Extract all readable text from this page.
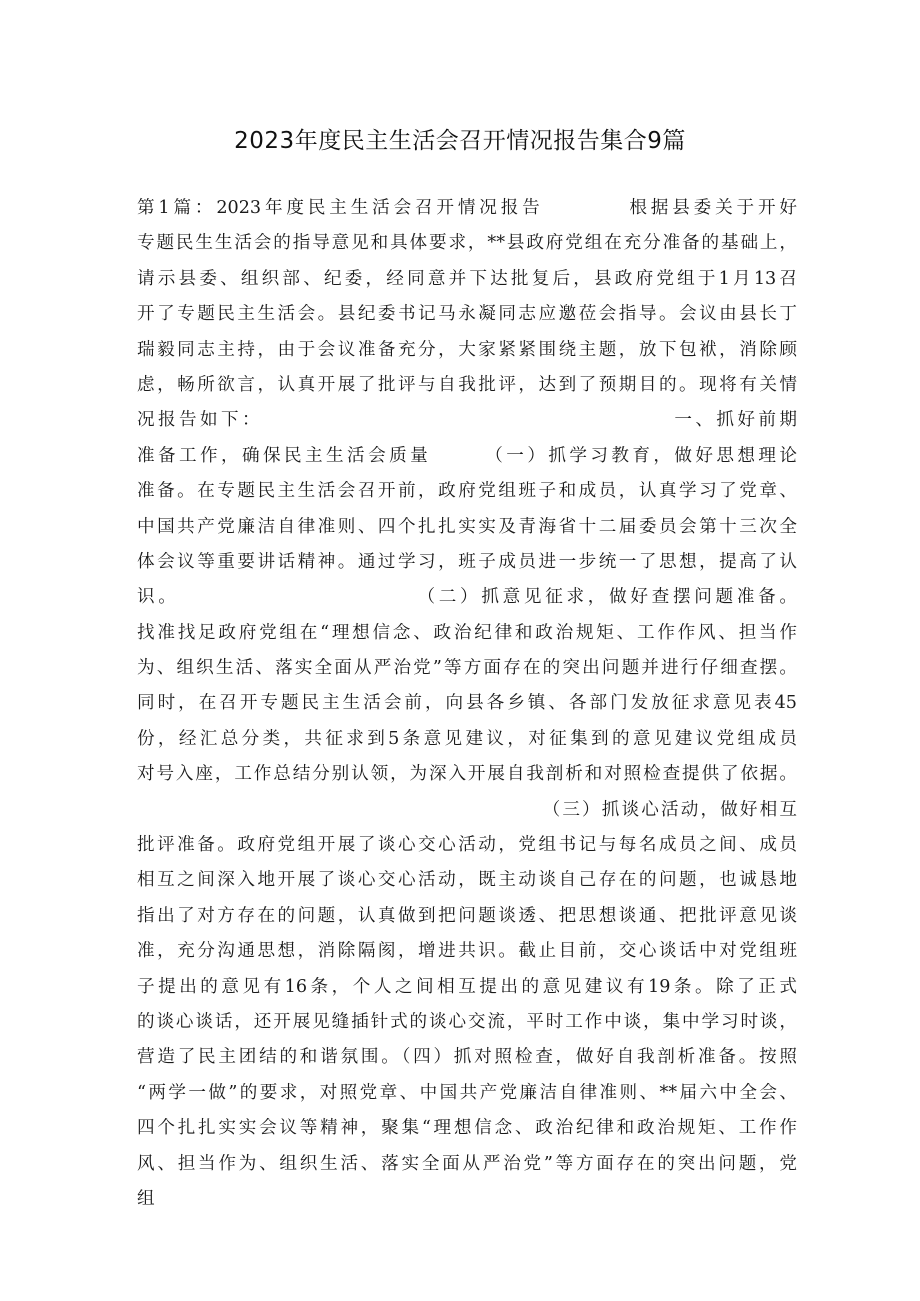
2023年度民主生活会召开情况报告集合9篇
第1篇：2023年度民主生活会召开情况报告　　　　根据县委关于开好
专题民生生活会的指导意见和具体要求，**县政府党组在充分准备的基础上，
请示县委、组织部、纪委，经同意并下达批复后，县政府党组于1月13召
开了专题民主生活会。县纪委书记马永凝同志应邀莅会指导。会议由县长丁
瑞毅同志主持，由于会议准备充分，大家紧紧围绕主题，放下包袱，消除顾
虑，畅所欲言，认真开展了批评与自我批评，达到了预期目的。现将有关情
况报告如下：　　　　　　　　　　　　　　　　　　　　一、抓好前期
准备工作，确保民主生活会质量　　　（一）抓学习教育，做好思想理论
准备。在专题民主生活会召开前，政府党组班子和成员，认真学习了党章、
中国共产党廉洁自律准则、四个扎扎实实及青海省十二届委员会第十三次全
体会议等重要讲话精神。通过学习，班子成员进一步统一了思想，提高了认
识。　　　　　　　　　　　　（二）抓意见征求，做好查摆问题准备。
找准找足政府党组在“理想信念、政治纪律和政治规矩、工作作风、担当作
为、组织生活、落实全面从严治党”等方面存在的突出问题并进行仔细查摆。
同时，在召开专题民主生活会前，向县各乡镇、各部门发放征求意见表45
份，经汇总分类，共征求到5条意见建议，对征集到的意见建议党组成员
对号入座，工作总结分别认领，为深入开展自我剖析和对照检查提供了依据。
　　　　　　　　　　　　　　　　　　　　　（三）抓谈心活动，做好相互
批评准备。政府党组开展了谈心交心活动，党组书记与每名成员之间、成员
相互之间深入地开展了谈心交心活动，既主动谈自己存在的问题，也诚恳地
指出了对方存在的问题，认真做到把问题谈透、把思想谈通、把批评意见谈
准，充分沟通思想，消除隔阂，增进共识。截止目前，交心谈话中对党组班
子提出的意见有16条，个人之间相互提出的意见建议有19条。除了正式
的谈心谈话，还开展见缝插针式的谈心交流，平时工作中谈，集中学习时谈，
营造了民主团结的和谐氛围。（四）抓对照检查，做好自我剖析准备。按照
“两学一做”的要求，对照党章、中国共产党廉洁自律准则、**届六中全会、
四个扎扎实实会议等精神，聚集“理想信念、政治纪律和政治规矩、工作作
风、担当作为、组织生活、落实全面从严治党”等方面存在的突出问题，党
组
